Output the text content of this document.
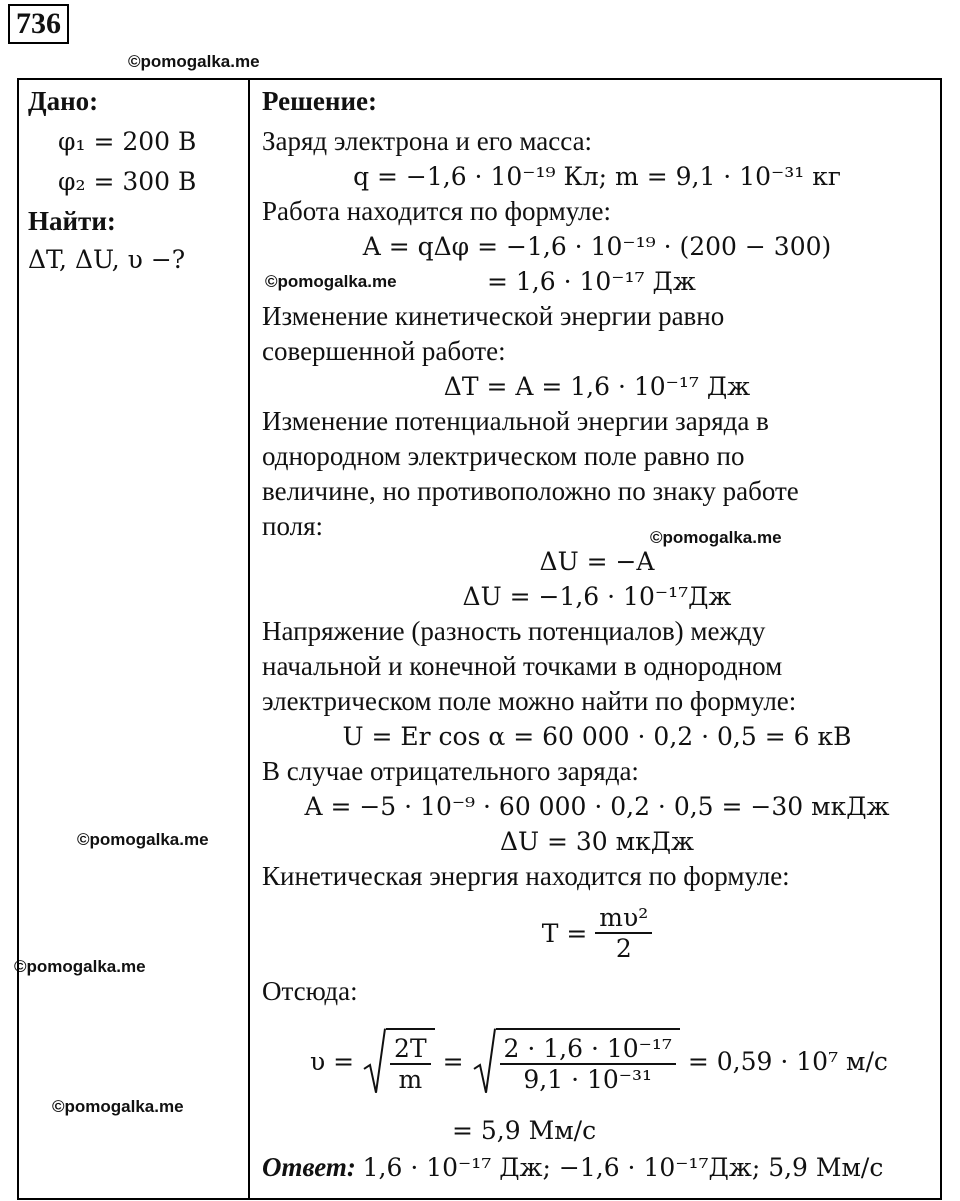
736
©pomogalka.me
©pomogalka.me
©pomogalka.me
©pomogalka.me
©pomogalka.me
©pomogalka.me
Дано:
φ₁ = 200 В
φ₂ = 300 В
Найти:
ΔT, ΔU, υ −?
Решение:
Заряд электрона и его масса:
q = −1,6 · 10⁻¹⁹ Кл; m = 9,1 · 10⁻³¹ кг
Работа находится по формуле:
A = qΔφ = −1,6 · 10⁻¹⁹ · (200 − 300)
= 1,6 · 10⁻¹⁷ Дж
Изменение кинетической энергии равно
совершенной работе:
ΔT = A = 1,6 · 10⁻¹⁷ Дж
Изменение потенциальной энергии заряда в
однородном электрическом поле равно по
величине, но противоположно по знаку работе
поля:
ΔU = −A
ΔU = −1,6 · 10⁻¹⁷Дж
Напряжение (разность потенциалов) между
начальной и конечной точками в однородном
электрическом поле можно найти по формуле:
U = Er cos α = 60 000 · 0,2 · 0,5 = 6 кВ
В случае отрицательного заряда:
A = −5 · 10⁻⁹ · 60 000 · 0,2 · 0,5 = −30 мкДж
ΔU = 30 мкДж
Кинетическая энергия находится по формуле:
T =
$\frac{\text{mυ²}}{2}$
Отсюда:
υ =
$\frac{2T}{m}$
=
$\frac{\text{2 · 1,6 · 10⁻¹⁷}}{\text{9,1 · 10⁻³¹}}$
= 0,59 · 10⁷ м/с
= 5,9 Мм/с
Ответ: 1,6 · 10⁻¹⁷ Дж; −1,6 · 10⁻¹⁷Дж; 5,9 Мм/с
